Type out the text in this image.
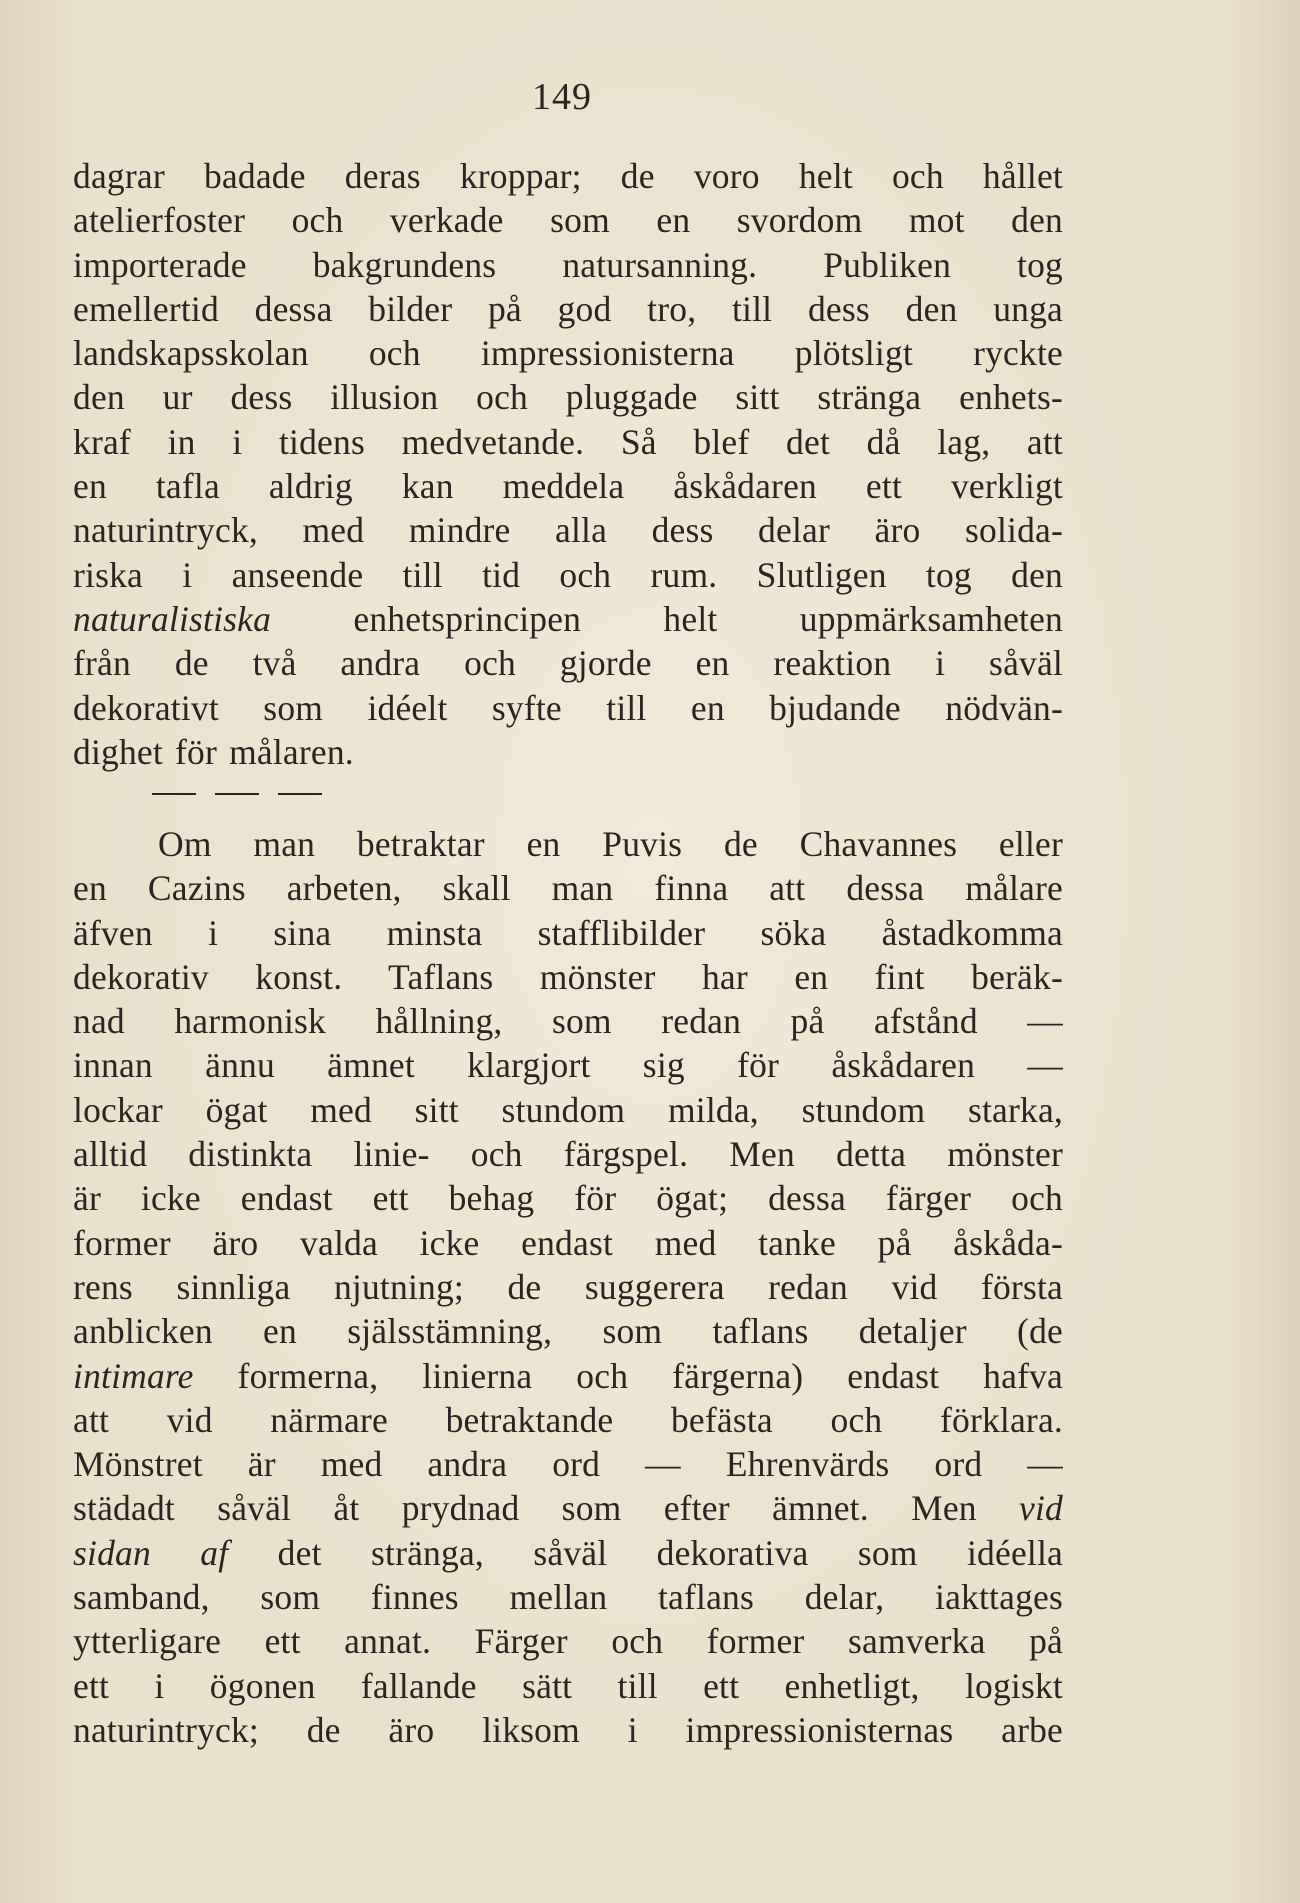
149
dagrar badade deras kroppar; de voro helt och hållet
atelierfoster och verkade som en svordom mot den
importerade bakgrundens natursanning. Publiken tog
emellertid dessa bilder på god tro, till dess den unga
landskapsskolan och impressionisterna plötsligt ryckte
den ur dess illusion och pluggade sitt stränga enhets-
kraf in i tidens medvetande. Så blef det då lag, att
en tafla aldrig kan meddela åskådaren ett verkligt
naturintryck, med mindre alla dess delar äro solida-
riska i anseende till tid och rum. Slutligen tog den
naturalistiska enhetsprincipen helt uppmärksamheten
från de två andra och gjorde en reaktion i såväl
dekorativt som idéelt syfte till en bjudande nödvän-
dighet för målaren.
Om man betraktar en Puvis de Chavannes eller
en Cazins arbeten, skall man finna att dessa målare
äfven i sina minsta stafflibilder söka åstadkomma
dekorativ konst. Taflans mönster har en fint beräk-
nad harmonisk hållning, som redan på afstånd —
innan ännu ämnet klargjort sig för åskådaren —
lockar ögat med sitt stundom milda, stundom starka,
alltid distinkta linie- och färgspel. Men detta mönster
är icke endast ett behag för ögat; dessa färger och
former äro valda icke endast med tanke på åskåda-
rens sinnliga njutning; de suggerera redan vid första
anblicken en själsstämning, som taflans detaljer (de
intimare formerna, linierna och färgerna) endast hafva
att vid närmare betraktande befästa och förklara.
Mönstret är med andra ord — Ehrenvärds ord —
städadt såväl åt prydnad som efter ämnet. Men vid
sidan af det stränga, såväl dekorativa som idéella
samband, som finnes mellan taflans delar, iakttages
ytterligare ett annat. Färger och former samverka på
ett i ögonen fallande sätt till ett enhetligt, logiskt
naturintryck; de äro liksom i impressionisternas arbe
